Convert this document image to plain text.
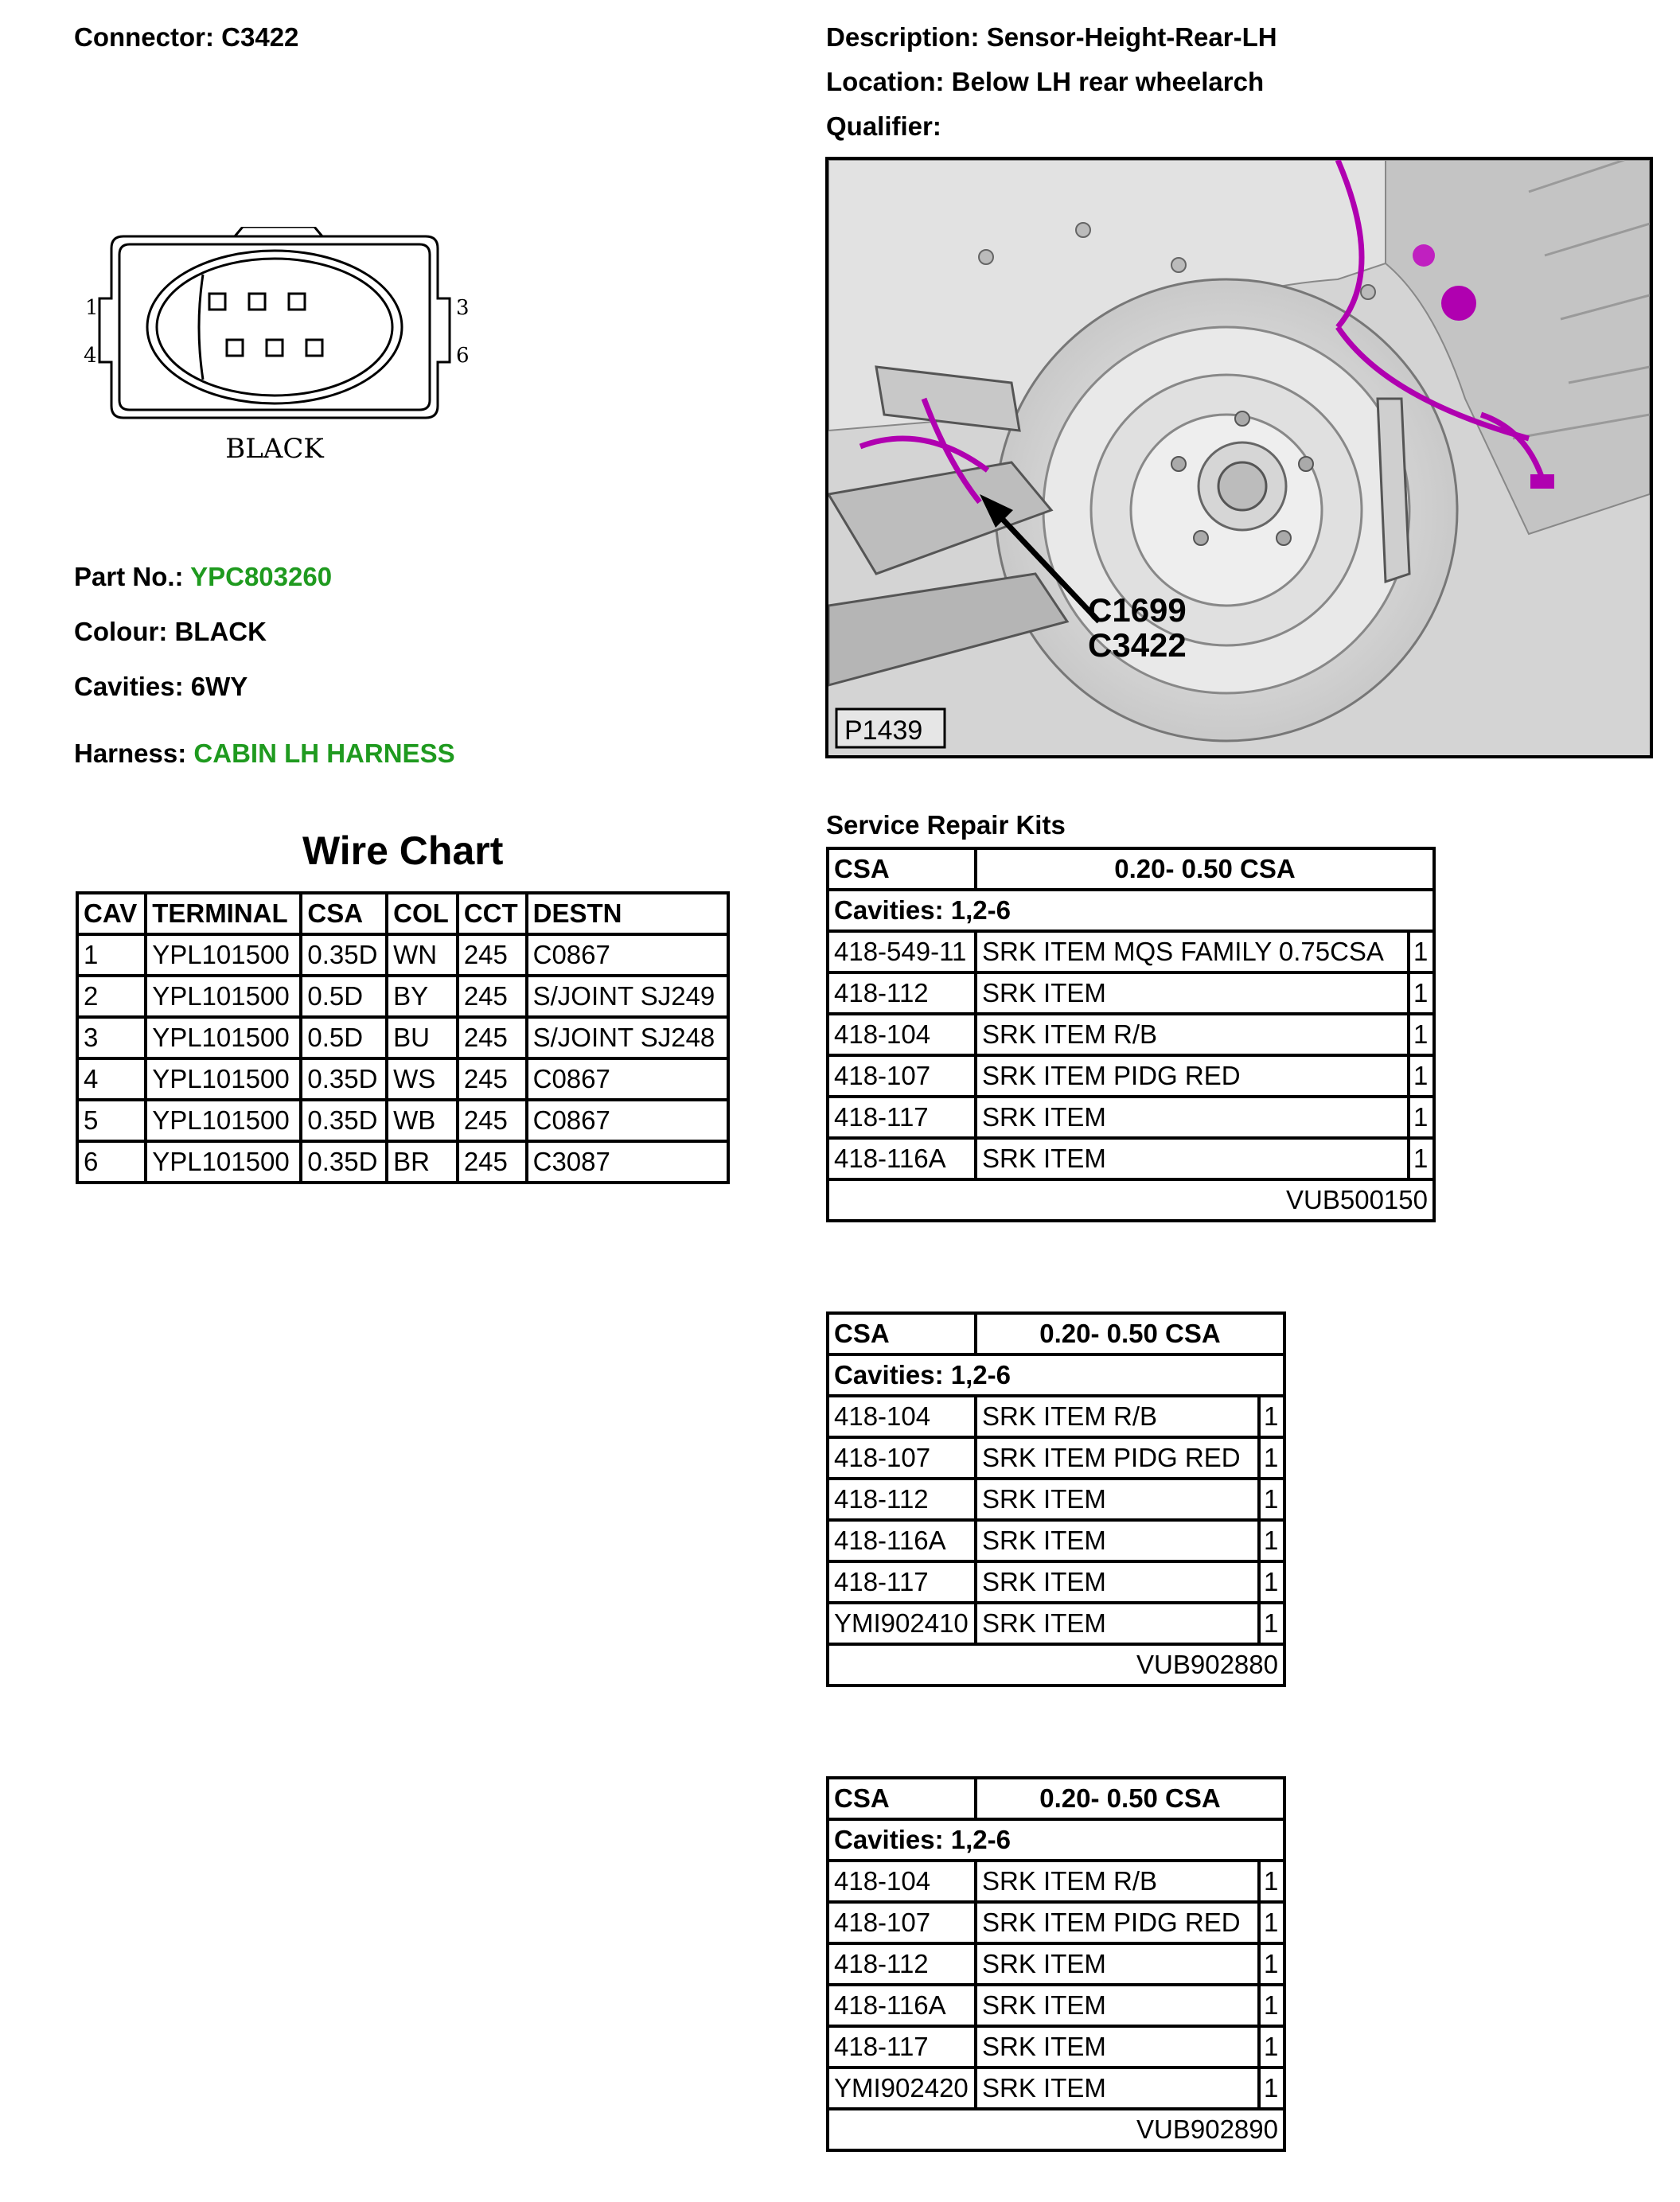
Connector: C3422
1
4
3
6
BLACK
Part No.: YPC803260
Colour: BLACK
Cavities: 6WY
Harness: CABIN LH HARNESS
Wire Chart
CAV	TERMINAL	CSA	COL	CCT	DESTN
1	YPL101500	0.35D	WN	245	C0867
2	YPL101500	0.5D	BY	245	S/JOINT SJ249
3	YPL101500	0.5D	BU	245	S/JOINT SJ248
4	YPL101500	0.35D	WS	245	C0867
5	YPL101500	0.35D	WB	245	C0867
6	YPL101500	0.35D	BR	245	C3087
Description: Sensor-Height-Rear-LH
Location: Below LH rear wheelarch
Qualifier:
C1699
C3422
P1439
Service Repair Kits
CSA	0.20- 0.50 CSA	
Cavities: 1,2-6		
418-549-11	SRK ITEM MQS FAMILY 0.75CSA	1
418-112	SRK ITEM	1
418-104	SRK ITEM R/B	1
418-107	SRK ITEM PIDG RED	1
418-117	SRK ITEM	1
418-116A	SRK ITEM	1
VUB500150		
CSA	0.20- 0.50 CSA	
Cavities: 1,2-6		
418-104	SRK ITEM R/B	1
418-107	SRK ITEM PIDG RED	1
418-112	SRK ITEM	1
418-116A	SRK ITEM	1
418-117	SRK ITEM	1
YMI902410	SRK ITEM	1
VUB902880		
CSA	0.20- 0.50 CSA	
Cavities: 1,2-6		
418-104	SRK ITEM R/B	1
418-107	SRK ITEM PIDG RED	1
418-112	SRK ITEM	1
418-116A	SRK ITEM	1
418-117	SRK ITEM	1
YMI902420	SRK ITEM	1
VUB902890		
